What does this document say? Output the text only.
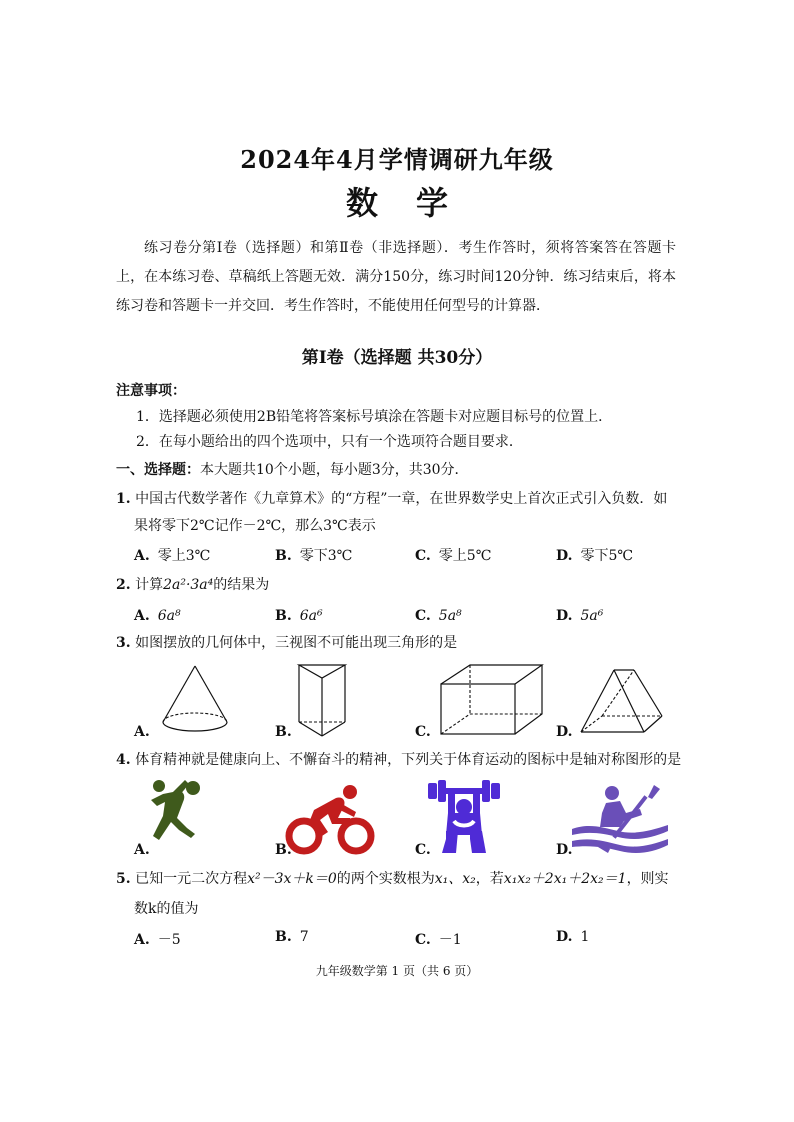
2024年4月学情调研九年级
数学
练习卷分第Ⅰ卷（选择题）和第Ⅱ卷（非选择题）．考生作答时，须将答案答在答题卡上，在本练习卷、草稿纸上答题无效．满分150分，练习时间120分钟．练习结束后，将本练习卷和答题卡一并交回．考生作答时，不能使用任何型号的计算器．
第Ⅰ卷（选择题 共30分）
注意事项：
1．选择题必须使用2B铅笔将答案标号填涂在答题卡对应题目标号的位置上．
2．在每小题给出的四个选项中，只有一个选项符合题目要求．
一、选择题：本大题共10个小题，每小题3分，共30分．
1. 中国古代数学著作《九章算术》的“方程”一章，在世界数学史上首次正式引入负数．如
果将零下2℃记作－2℃，那么3℃表示
A. 零上3℃	B. 零下3℃	C. 零上5℃	D. 零下5℃
2. 计算2a²·3a⁴的结果为
A. 6a⁸	B. 6a⁶	C. 5a⁸	D. 5a⁶
3. 如图摆放的几何体中，三视图不可能出现三角形的是
A.	B.	C.	D.
4. 体育精神就是健康向上、不懈奋斗的精神，下列关于体育运动的图标中是轴对称图形的是
A.	B.	C.	D.
5. 已知一元二次方程x²－3x＋k＝0的两个实数根为x₁、x₂，若x₁x₂＋2x₁＋2x₂＝1，则实
数k的值为
A. －5	B. 7	C. －1	D. 1
九年级数学第 1 页（共 6 页）
